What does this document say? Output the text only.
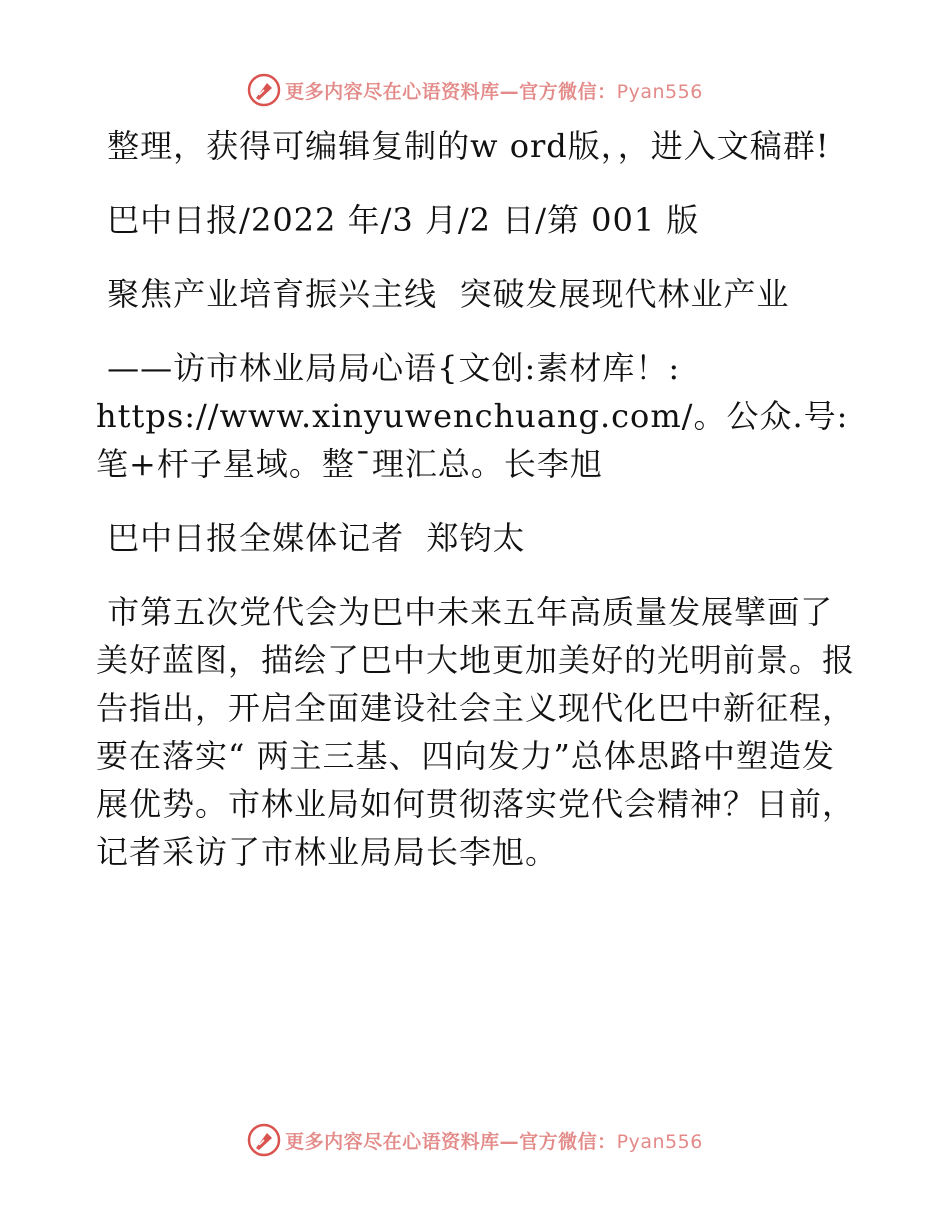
更多内容尽在心语资料库—官方微信：Pyan556

整理，获得可编辑复制的w ord版，，进入文稿群!

巴中日报/2022 年/3 月/2 日/第 001 版

聚焦产业培育振兴主线  突破发展现代林业产业

——访市林业局局心语{文创:素材库！:
https://www.xinyuwenchuang.com/。公众.号: 笔+杆子星域。整¯理汇总。长李旭

巴中日报全媒体记者  郑钧太

市第五次党代会为巴中未来五年高质量发展擘画了美好蓝图，描绘了巴中大地更加美好的光明前景。报告指出，开启全面建设社会主义现代化巴中新征程，要在落实“ 两主三基、四向发力”总体思路中塑造发展优势。市林业局如何贯彻落实党代会精神？日前，记者采访了市林业局局长李旭。

更多内容尽在心语资料库—官方微信：Pyan556
